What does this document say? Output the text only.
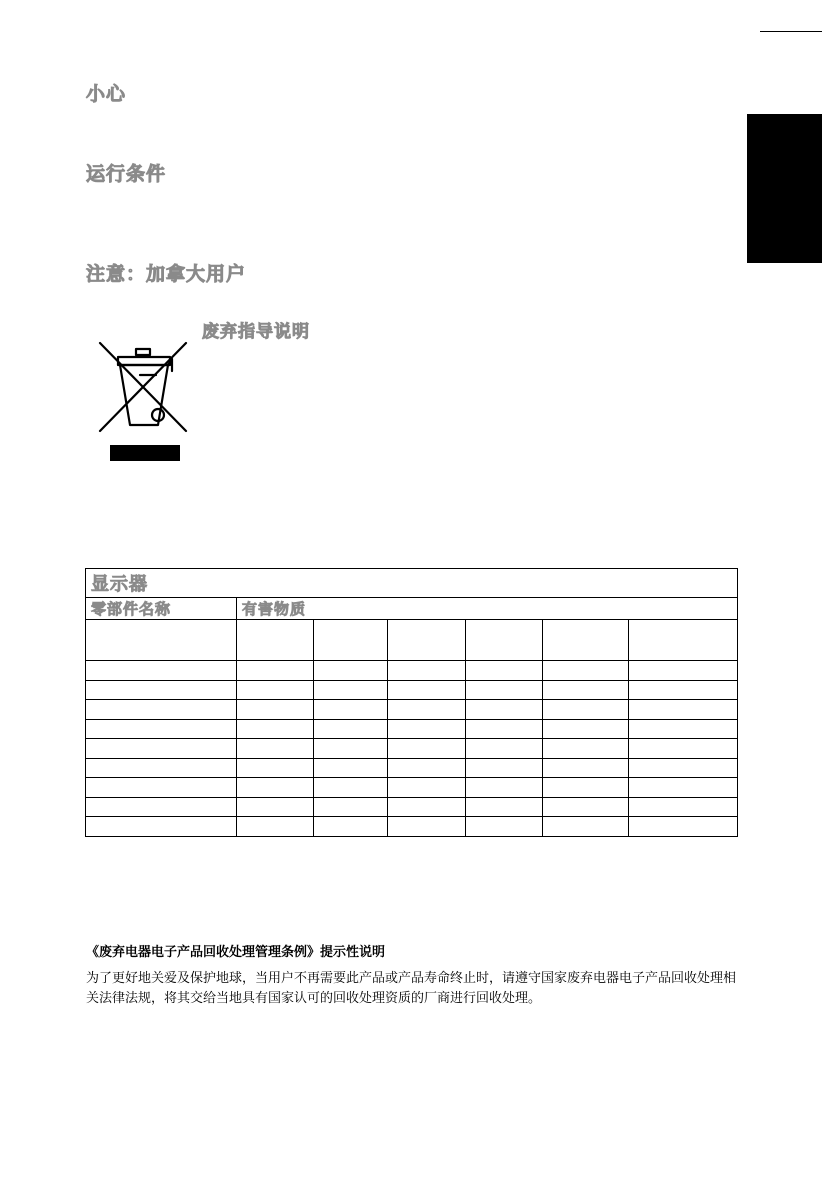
小心
运行条件
注意：加拿大用户
废弃指导说明
显示器						
零部件名称	有害物质					

《废弃电器电子产品回收处理管理条例》提示性说明

为了更好地关爱及保护地球，当用户不再需要此产品或产品寿命终止时，请遵守国家废弃电器电子产品回收处理相关法律法规，将其交给当地具有国家认可的回收处理资质的厂商进行回收处理。
